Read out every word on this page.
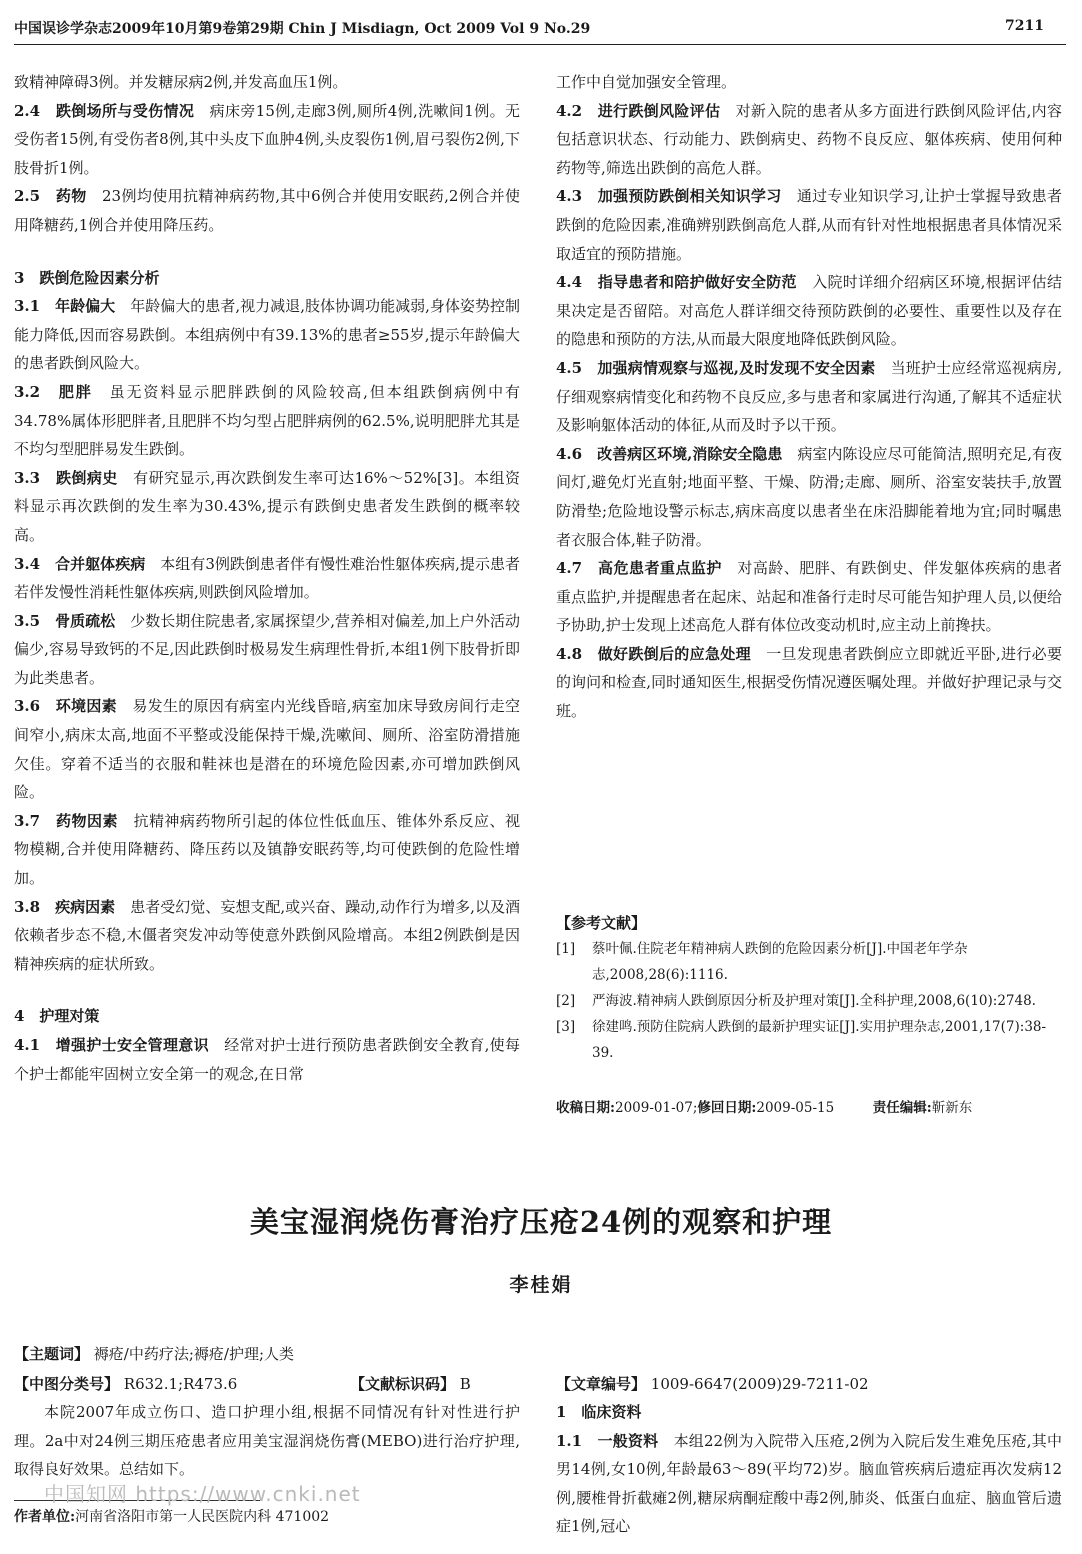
中国误诊学杂志2009年10月第9卷第29期 Chin J Misdiagn, Oct 2009 Vol 9 No.29	7211

致精神障碍3例。并发糖尿病2例,并发高血压1例。

2.4　跌倒场所与受伤情况　病床旁15例,走廊3例,厕所4例,洗嗽间1例。无受伤者15例,有受伤者8例,其中头皮下血肿4例,头皮裂伤1例,眉弓裂伤2例,下肢骨折1例。

2.5　药物　23例均使用抗精神病药物,其中6例合并使用安眠药,2例合并使用降糖药,1例合并使用降压药。

3　跌倒危险因素分析

3.1　年龄偏大　年龄偏大的患者,视力减退,肢体协调功能减弱,身体姿势控制能力降低,因而容易跌倒。本组病例中有39.13%的患者≥55岁,提示年龄偏大的患者跌倒风险大。

3.2　肥胖　虽无资料显示肥胖跌倒的风险较高,但本组跌倒病例中有34.78%属体形肥胖者,且肥胖不均匀型占肥胖病例的62.5%,说明肥胖尤其是不均匀型肥胖易发生跌倒。

3.3　跌倒病史　有研究显示,再次跌倒发生率可达16%～52%[3]。本组资料显示再次跌倒的发生率为30.43%,提示有跌倒史患者发生跌倒的概率较高。

3.4　合并躯体疾病　本组有3例跌倒患者伴有慢性难治性躯体疾病,提示患者若伴发慢性消耗性躯体疾病,则跌倒风险增加。

3.5　骨质疏松　少数长期住院患者,家属探望少,营养相对偏差,加上户外活动偏少,容易导致钙的不足,因此跌倒时极易发生病理性骨折,本组1例下肢骨折即为此类患者。

3.6　环境因素　易发生的原因有病室内光线昏暗,病室加床导致房间行走空间窄小,病床太高,地面不平整或没能保持干燥,洗嗽间、厕所、浴室防滑措施欠佳。穿着不适当的衣服和鞋袜也是潜在的环境危险因素,亦可增加跌倒风险。

3.7　药物因素　抗精神病药物所引起的体位性低血压、锥体外系反应、视物模糊,合并使用降糖药、降压药以及镇静安眠药等,均可使跌倒的危险性增加。

3.8　疾病因素　患者受幻觉、妄想支配,或兴奋、躁动,动作行为增多,以及酒依赖者步态不稳,木僵者突发冲动等使意外跌倒风险增高。本组2例跌倒是因精神疾病的症状所致。

4　护理对策

4.1　增强护士安全管理意识　经常对护士进行预防患者跌倒安全教育,使每个护士都能牢固树立安全第一的观念,在日常

工作中自觉加强安全管理。

4.2　进行跌倒风险评估　对新入院的患者从多方面进行跌倒风险评估,内容包括意识状态、行动能力、跌倒病史、药物不良反应、躯体疾病、使用何种药物等,筛选出跌倒的高危人群。

4.3　加强预防跌倒相关知识学习　通过专业知识学习,让护士掌握导致患者跌倒的危险因素,准确辨别跌倒高危人群,从而有针对性地根据患者具体情况采取适宜的预防措施。

4.4　指导患者和陪护做好安全防范　入院时详细介绍病区环境,根据评估结果决定是否留陪。对高危人群详细交待预防跌倒的必要性、重要性以及存在的隐患和预防的方法,从而最大限度地降低跌倒风险。

4.5　加强病情观察与巡视,及时发现不安全因素　当班护士应经常巡视病房,仔细观察病情变化和药物不良反应,多与患者和家属进行沟通,了解其不适症状及影响躯体活动的体征,从而及时予以干预。

4.6　改善病区环境,消除安全隐患　病室内陈设应尽可能简洁,照明充足,有夜间灯,避免灯光直射;地面平整、干燥、防滑;走廊、厕所、浴室安装扶手,放置防滑垫;危险地设警示标志,病床高度以患者坐在床沿脚能着地为宜;同时嘱患者衣服合体,鞋子防滑。

4.7　高危患者重点监护　对高龄、肥胖、有跌倒史、伴发躯体疾病的患者重点监护,并提醒患者在起床、站起和准备行走时尽可能告知护理人员,以便给予协助,护士发现上述高危人群有体位改变动机时,应主动上前搀扶。

4.8　做好跌倒后的应急处理　一旦发现患者跌倒应立即就近平卧,进行必要的询问和检查,同时通知医生,根据受伤情况遵医嘱处理。并做好护理记录与交班。

【参考文献】
[1] 蔡叶佩.住院老年精神病人跌倒的危险因素分析[J].中国老年学杂志,2008,28(6):1116.
[2] 严海波.精神病人跌倒原因分析及护理对策[J].全科护理,2008,6(10):2748.
[3] 徐建鸣.预防住院病人跌倒的最新护理实证[J].实用护理杂志,2001,17(7):38-39.
收稿日期:2009-01-07;修回日期:2009-05-15	责任编辑:靳新东
美宝湿润烧伤膏治疗压疮24例的观察和护理
李桂娟
【主题词】 褥疮/中药疗法;褥疮/护理;人类
【中图分类号】 R632.1;R473.6	【文献标识码】 B	【文章编号】 1009-6647(2009)29-7211-02

本院2007年成立伤口、造口护理小组,根据不同情况有针对性进行护理。2a中对24例三期压疮患者应用美宝湿润烧伤膏(MEBO)进行治疗护理,取得良好效果。总结如下。

1　临床资料

1.1　一般资料　本组22例为入院带入压疮,2例为入院后发生难免压疮,其中男14例,女10例,年龄最63～89(平均72)岁。脑血管疾病后遗症再次发病12例,腰椎骨折截瘫2例,糖尿病酮症酸中毒2例,肺炎、低蛋白血症、脑血管后遗症1例,冠心

中国知网 https://www.cnki.net
作者单位:河南省洛阳市第一人民医院内科 471002
